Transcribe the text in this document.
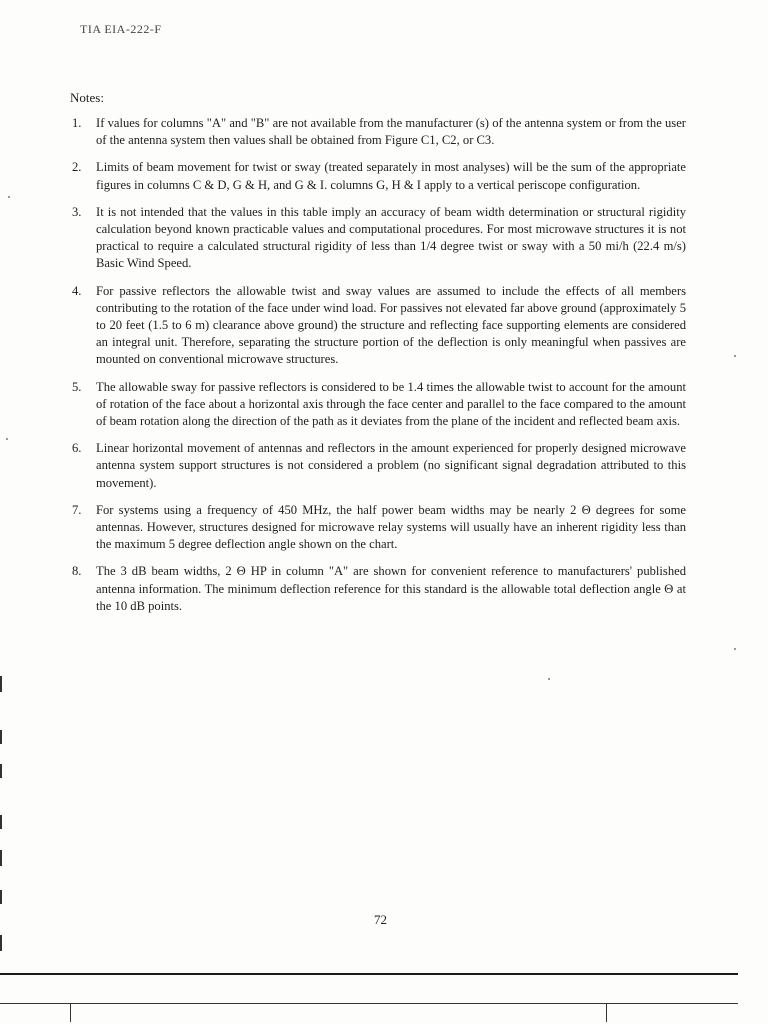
TIA EIA-222-F
Notes:
1.	If values for columns "A" and "B" are not available from the manufacturer (s) of the antenna system or from the user of the antenna system then values shall be obtained from Figure C1, C2, or C3.
2.	Limits of beam movement for twist or sway (treated separately in most analyses) will be the sum of the appropriate figures in columns C & D, G & H, and G & I. columns G, H & I apply to a vertical periscope configuration.
3.	It is not intended that the values in this table imply an accuracy of beam width determination or structural rigidity calculation beyond known practicable values and computational procedures. For most microwave structures it is not practical to require a calculated structural rigidity of less than 1/4 degree twist or sway with a 50 mi/h (22.4 m/s) Basic Wind Speed.
4.	For passive reflectors the allowable twist and sway values are assumed to include the effects of all members contributing to the rotation of the face under wind load. For passives not elevated far above ground (approximately 5 to 20 feet (1.5 to 6 m) clearance above ground) the structure and reflecting face supporting elements are considered an integral unit. Therefore, separating the structure portion of the deflection is only meaningful when passives are mounted on conventional microwave structures.
5.	The allowable sway for passive reflectors is considered to be 1.4 times the allowable twist to account for the amount of rotation of the face about a horizontal axis through the face center and parallel to the face compared to the amount of beam rotation along the direction of the path as it deviates from the plane of the incident and reflected beam axis.
6.	Linear horizontal movement of antennas and reflectors in the amount experienced for properly designed microwave antenna system support structures is not considered a problem (no significant signal degradation attributed to this movement).
7.	For systems using a frequency of 450 MHz, the half power beam widths may be nearly 2 Θ degrees for some antennas. However, structures designed for microwave relay systems will usually have an inherent rigidity less than the maximum 5 degree deflection angle shown on the chart.
8.	The 3 dB beam widths, 2 Θ HP in column "A" are shown for convenient reference to manufacturers' published antenna information. The minimum deflection reference for this standard is the allowable total deflection angle Θ at the 10 dB points.
72
